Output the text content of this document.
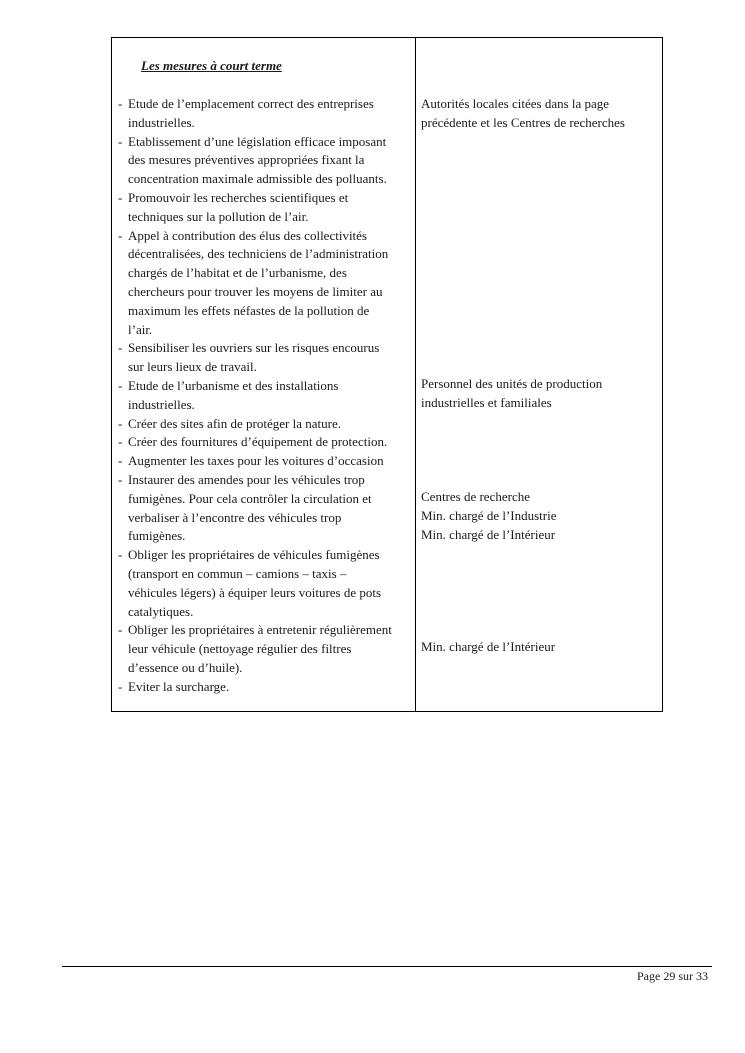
Les mesures à court terme
- Etude de l’emplacement correct des entreprises
industrielles.
- Etablissement d’une législation efficace imposant
des mesures préventives appropriées fixant la
concentration maximale admissible des polluants.
- Promouvoir les recherches scientifiques et
techniques sur la pollution de l’air.
- Appel à contribution des élus des collectivités
décentralisées, des techniciens de l’administration
chargés de l’habitat et de l’urbanisme, des
chercheurs pour trouver les moyens de limiter au
maximum les effets néfastes de la pollution de
l’air.
- Sensibiliser les ouvriers sur les risques encourus
sur leurs lieux de travail.
- Etude de l’urbanisme et des installations
industrielles.
- Créer des sites afin de protéger la nature.
- Créer des fournitures d’équipement de protection.
- Augmenter les taxes pour les voitures d’occasion
- Instaurer des amendes pour les véhicules trop
fumigènes. Pour cela contrôler la circulation et
verbaliser à l’encontre des véhicules trop
fumigènes.
- Obliger les propriétaires de véhicules fumigènes
(transport en commun – camions – taxis –
véhicules légers) à équiper leurs voitures de pots
catalytiques.
- Obliger les propriétaires à entretenir régulièrement
leur véhicule (nettoyage régulier des filtres
d’essence ou d’huile).
- Eviter la surcharge.
Autorités locales citées dans la page
précédente et les Centres de recherches
Personnel des unités de production
industrielles et familiales
Centres de recherche
Min. chargé de l’Industrie
Min. chargé de l’Intérieur
Min. chargé de l’Intérieur
Page 29 sur 33
